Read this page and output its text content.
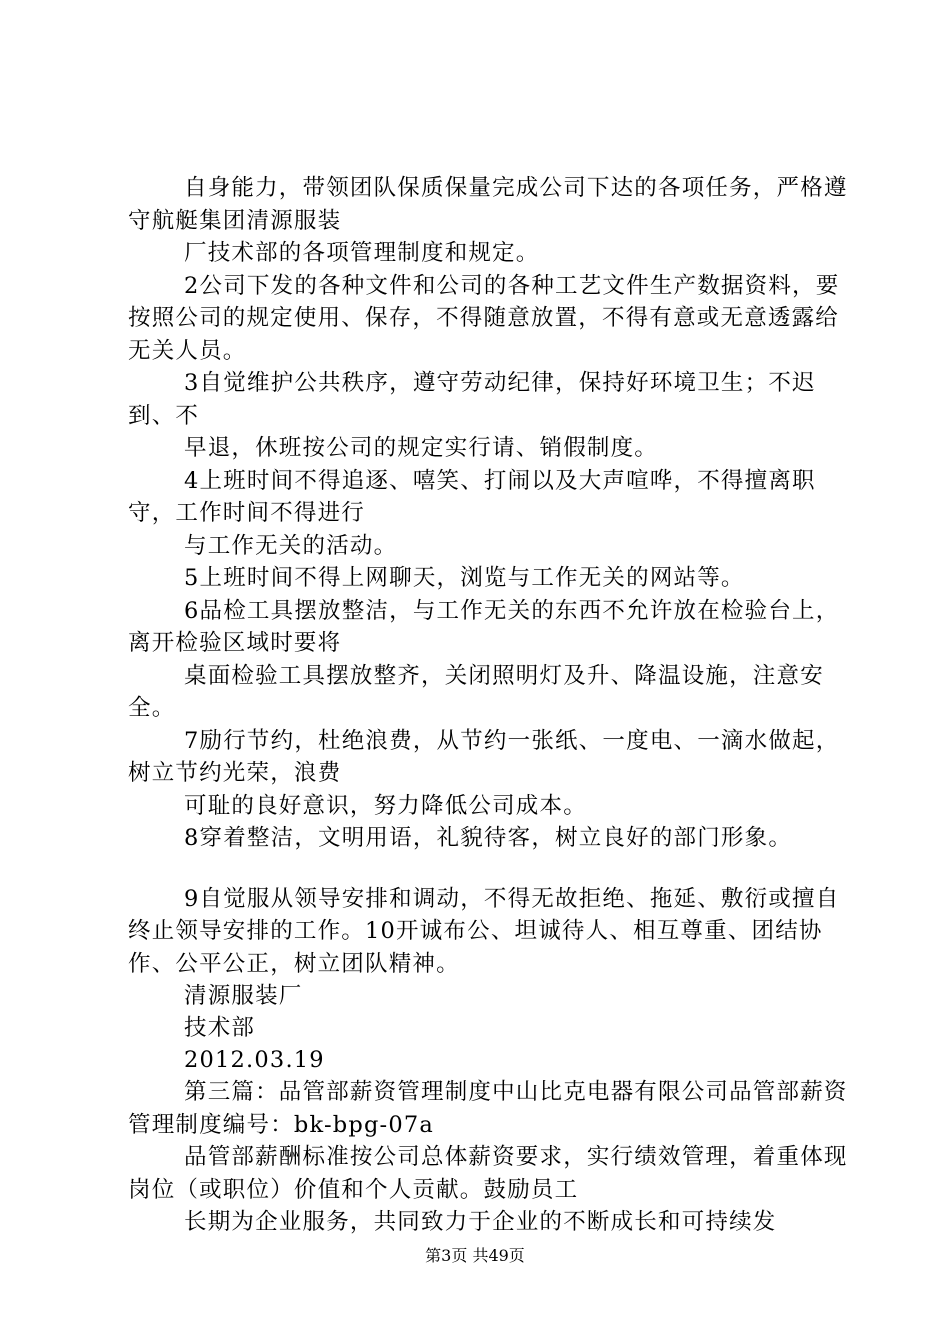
自身能力，带领团队保质保量完成公司下达的各项任务，严格遵守航艇集团清源服装

厂技术部的各项管理制度和规定。

2公司下发的各种文件和公司的各种工艺文件生产数据资料，要按照公司的规定使用、保存，不得随意放置，不得有意或无意透露给无关人员。

3自觉维护公共秩序，遵守劳动纪律，保持好环境卫生；不迟到、不

早退，休班按公司的规定实行请、销假制度。

4上班时间不得追逐、嘻笑、打闹以及大声喧哗，不得擅离职守，工作时间不得进行

与工作无关的活动。

5上班时间不得上网聊天，浏览与工作无关的网站等。

6品检工具摆放整洁，与工作无关的东西不允许放在检验台上，离开检验区域时要将

桌面检验工具摆放整齐，关闭照明灯及升、降温设施，注意安全。

7励行节约，杜绝浪费，从节约一张纸、一度电、一滴水做起，树立节约光荣，浪费

可耻的良好意识，努力降低公司成本。

8穿着整洁，文明用语，礼貌待客，树立良好的部门形象。

9自觉服从领导安排和调动，不得无故拒绝、拖延、敷衍或擅自终止领导安排的工作。10开诚布公、坦诚待人、相互尊重、团结协作、公平公正，树立团队精神。

清源服装厂

技术部

2012.03.19

第三篇：品管部薪资管理制度中山比克电器有限公司品管部薪资管理制度编号：bk-bpg-07a

品管部薪酬标准按公司总体薪资要求，实行绩效管理，着重体现岗位（或职位）价值和个人贡献。鼓励员工

长期为企业服务，共同致力于企业的不断成长和可持续发

第3页 共49页
